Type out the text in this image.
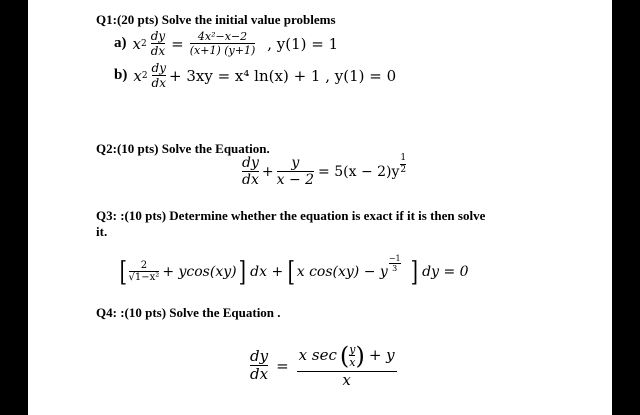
Q1:(20 pts) Solve the initial value problems
a) x $2 \frac{dy}{dx} = \frac{\text{4x²−x−2}}{(x+1) (y+1)}$ , y(1) = 1
b) x $2 \frac{dy}{dx} + 3xy = x^4$ ln(x) + 1 , y(1) = 0
Q2:(10 pts) Solve the Equation.
$\frac{dy}{dx} + \frac{y}{x - 2} = 5(x - 2)y \frac{1}{2}$
Q3: :(10 pts) Determine whether the equation is exact if it is then solve
it.
[ $\frac{2}{\text{√1−x²}} + ycos(xy)$ ] dx + [ x cos(xy) − y $\frac{-1}{3}$ ] dy = 0
Q4: :(10 pts) Solve the Equation .
$\frac{dy}{dx}$ =
x sec ( $\frac{y}{x}$ ) + y
x
